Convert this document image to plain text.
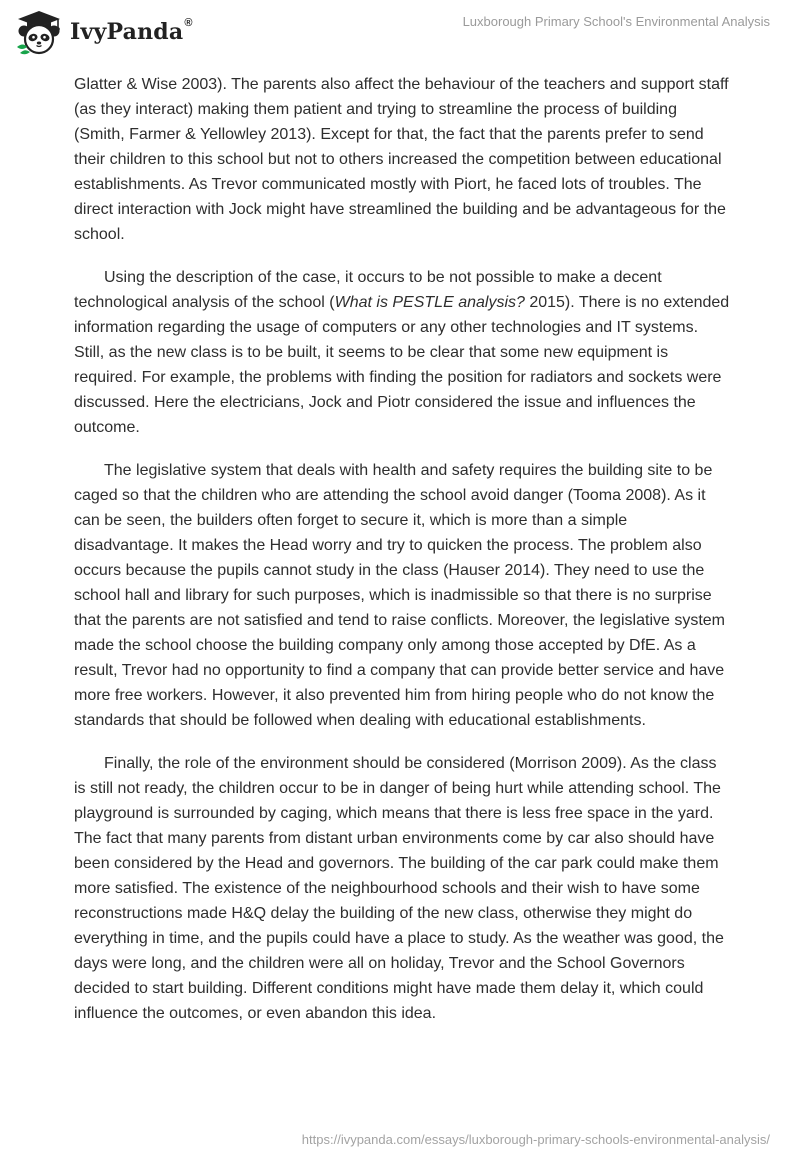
IvyPanda ®	Luxborough Primary School's Environmental Analysis

Glatter & Wise 2003). The parents also affect the behaviour of the teachers and support staff (as they interact) making them patient and trying to streamline the process of building (Smith, Farmer & Yellowley 2013). Except for that, the fact that the parents prefer to send their children to this school but not to others increased the competition between educational establishments. As Trevor communicated mostly with Piort, he faced lots of troubles. The direct interaction with Jock might have streamlined the building and be advantageous for the school.

Using the description of the case, it occurs to be not possible to make a decent technological analysis of the school (What is PESTLE analysis? 2015). There is no extended information regarding the usage of computers or any other technologies and IT systems. Still, as the new class is to be built, it seems to be clear that some new equipment is required. For example, the problems with finding the position for radiators and sockets were discussed. Here the electricians, Jock and Piotr considered the issue and influences the outcome.

The legislative system that deals with health and safety requires the building site to be caged so that the children who are attending the school avoid danger (Tooma 2008). As it can be seen, the builders often forget to secure it, which is more than a simple disadvantage. It makes the Head worry and try to quicken the process. The problem also occurs because the pupils cannot study in the class (Hauser 2014). They need to use the school hall and library for such purposes, which is inadmissible so that there is no surprise that the parents are not satisfied and tend to raise conflicts. Moreover, the legislative system made the school choose the building company only among those accepted by DfE. As a result, Trevor had no opportunity to find a company that can provide better service and have more free workers. However, it also prevented him from hiring people who do not know the standards that should be followed when dealing with educational establishments.

Finally, the role of the environment should be considered (Morrison 2009). As the class is still not ready, the children occur to be in danger of being hurt while attending school. The playground is surrounded by caging, which means that there is less free space in the yard. The fact that many parents from distant urban environments come by car also should have been considered by the Head and governors. The building of the car park could make them more satisfied. The existence of the neighbourhood schools and their wish to have some reconstructions made H&Q delay the building of the new class, otherwise they might do everything in time, and the pupils could have a place to study. As the weather was good, the days were long, and the children were all on holiday, Trevor and the School Governors decided to start building. Different conditions might have made them delay it, which could influence the outcomes, or even abandon this idea.

https://ivypanda.com/essays/luxborough-primary-schools-environmental-analysis/
